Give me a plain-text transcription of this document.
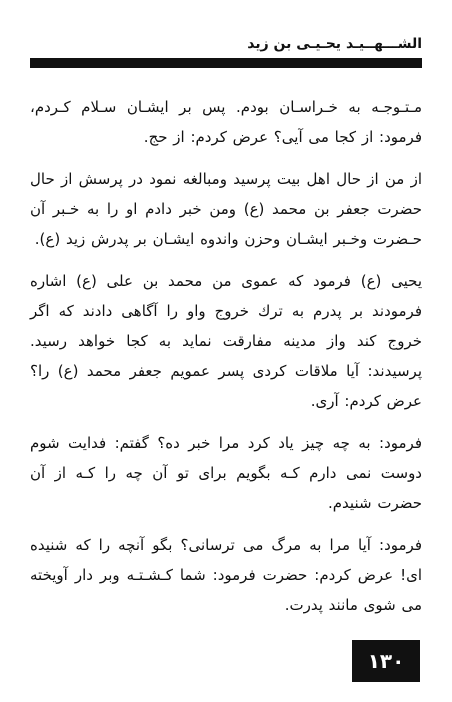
الشـــهــيـد يحـيـى بن زيد

مـتـوجـه به خـراسـان بودم. پس بر ايشـان سـلام كـردم، فرمود: از كجا مى آيى؟ عرض كردم: از حج.

از من از حال اهل بيت پرسيد ومبالغه نمود در پرسش از حال حضرت جعفر بن محمد (ع) ومن خبر دادم او را به خـبر آن حـضرت وخـبر ايشـان وحزن واندوه ايشـان بر پدرش زيد (ع).

يحيى (ع) فرمود كه عموى من محمد بن على (ع) اشاره فرمودند بر پدرم به ترك خروج واو را آگاهى دادند كه اگر خروج كند واز مدينه مفارقت نمايد به كجا خواهد رسيد. پرسيدند: آيا ملاقات كردى پسر عمويم جعفر محمد (ع) را؟ عرض كردم: آرى.

فرمود: به چه چيز ياد كرد مرا خبر ده؟ گفتم: فدايت شوم دوست نمى دارم كـه بگويم براى تو آن چه را كـه از آن حضرت شنيدم.

فرمود: آيا مرا به مرگ مى ترسانى؟ بگو آنچه را كه شنيده اى! عرض كردم: حضرت فرمود: شما كـشـتـه وبر دار آويخته مى شوى مانند پدرت.

١٣٠
